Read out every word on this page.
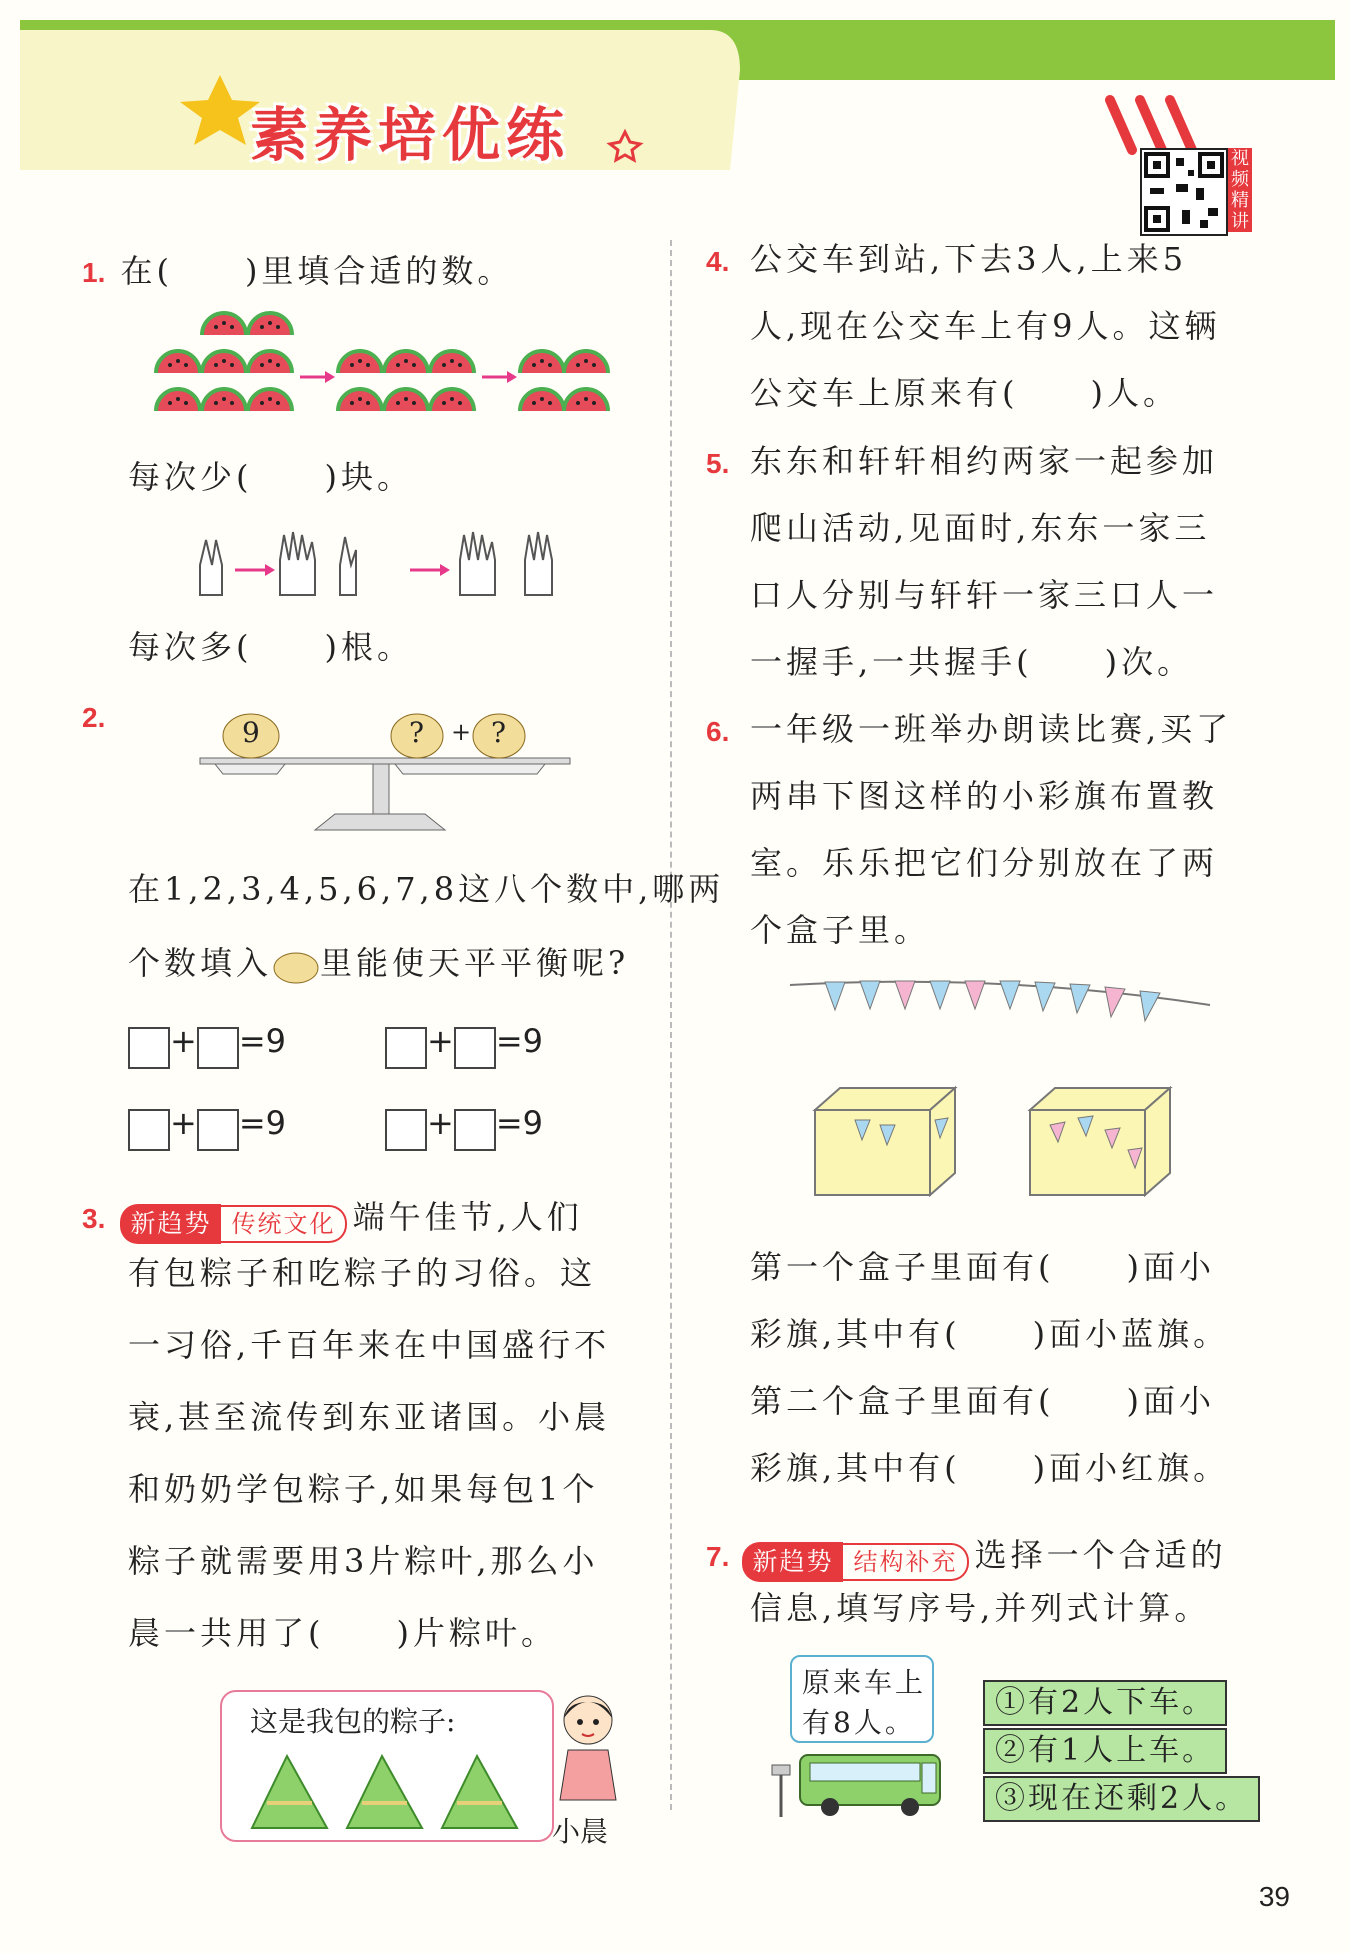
素养培优练	视频精讲
1. 在(　　)里填合适的数。
每次少(　　)块。
每次多(　　)根。
2.	9	? + ?
在1,2,3,4,5,6,7,8这八个数中,哪两
个数填入 里能使天平平衡呢?
+ =9	+ =9
+ =9	+ =9
3. 新趋势 传统文化 端午佳节,人们
有包粽子和吃粽子的习俗。这
一习俗,千百年来在中国盛行不
衰,甚至流传到东亚诸国。小晨
和奶奶学包粽子,如果每包1个
粽子就需要用3片粽叶,那么小
晨一共用了(　　)片粽叶。
这是我包的粽子:
小晨
4. 公交车到站,下去3人,上来5
人,现在公交车上有9人。这辆
公交车上原来有(　　)人。
5. 东东和轩轩相约两家一起参加
爬山活动,见面时,东东一家三
口人分别与轩轩一家三口人一
一握手,一共握手(　　)次。
6. 一年级一班举办朗读比赛,买了
两串下图这样的小彩旗布置教
室。乐乐把它们分别放在了两
个盒子里。
第一个盒子里面有(　　)面小
彩旗,其中有(　　)面小蓝旗。
第二个盒子里面有(　　)面小
彩旗,其中有(　　)面小红旗。
7. 新趋势 结构补充 选择一个合适的
信息,填写序号,并列式计算。
原来车上
有8人。
①有2人下车。
②有1人上车。
③现在还剩2人。
39
